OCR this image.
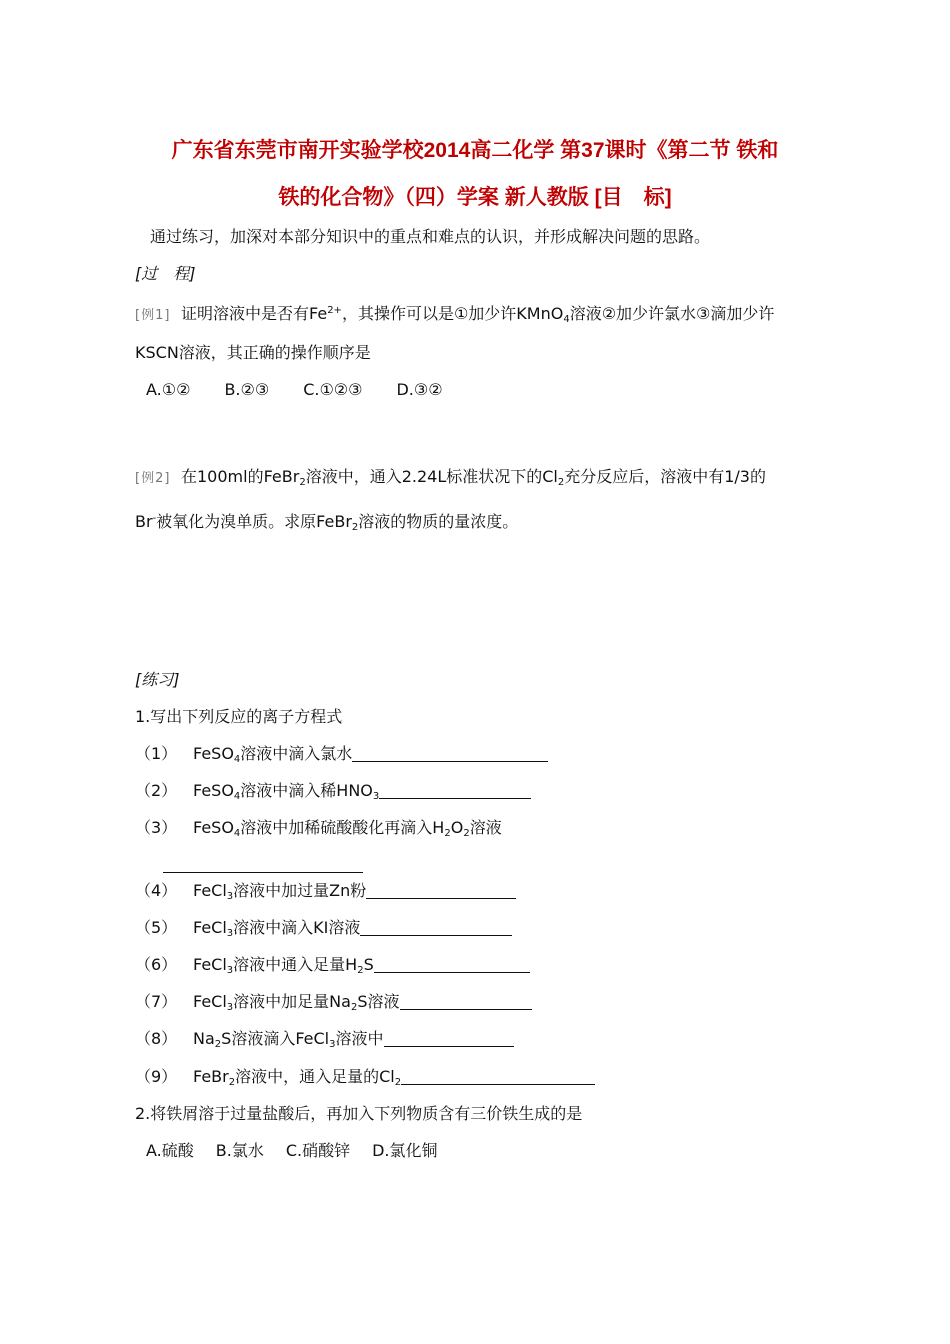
广东省东莞市南开实验学校2014高二化学 第37课时《第二节 铁和
铁的化合物》（四）学案 新人教版 [目　标]
通过练习，加深对本部分知识中的重点和难点的认识，并形成解决问题的思路。
[过　程]
[例1] 证明溶液中是否有$Fe^{2+}$，其操作可以是①加少许KMnO$_4$溶液②加少许氯水③滴加少许
KSCN溶液，其正确的操作顺序是
A.①② B.②③ C.①②③ D.③②
[例2] 在100ml的FeBr$_2$溶液中，通入2.24L标准状况下的$Cl_2$充分反应后，溶液中有1/3的
Br-被氧化为溴单质。求原FeBr$_2$溶液的物质的量浓度。
[练习]
1.写出下列反应的离子方程式
（1） FeSO$_4$溶液中滴入氯水
（2） FeSO$_4$溶液中滴入稀$HNO_3$
（3） FeSO$_4$溶液中加稀硫酸酸化再滴入$H_2O_2$溶液
（4） FeCl$_3$溶液中加过量Zn粉
（5） FeCl$_3$溶液中滴入KI溶液
（6） FeCl$_3$溶液中通入足量$H_2S$
（7） FeCl$_3$溶液中加足量$Na_2S$溶液
（8） $Na_2S$溶液滴入FeCl$_3$溶液中
（9） FeBr$_2$溶液中，通入足量的$Cl_2$
2.将铁屑溶于过量盐酸后，再加入下列物质含有三价铁生成的是
A.硫酸 B.氯水 C.硝酸锌 D.氯化铜
